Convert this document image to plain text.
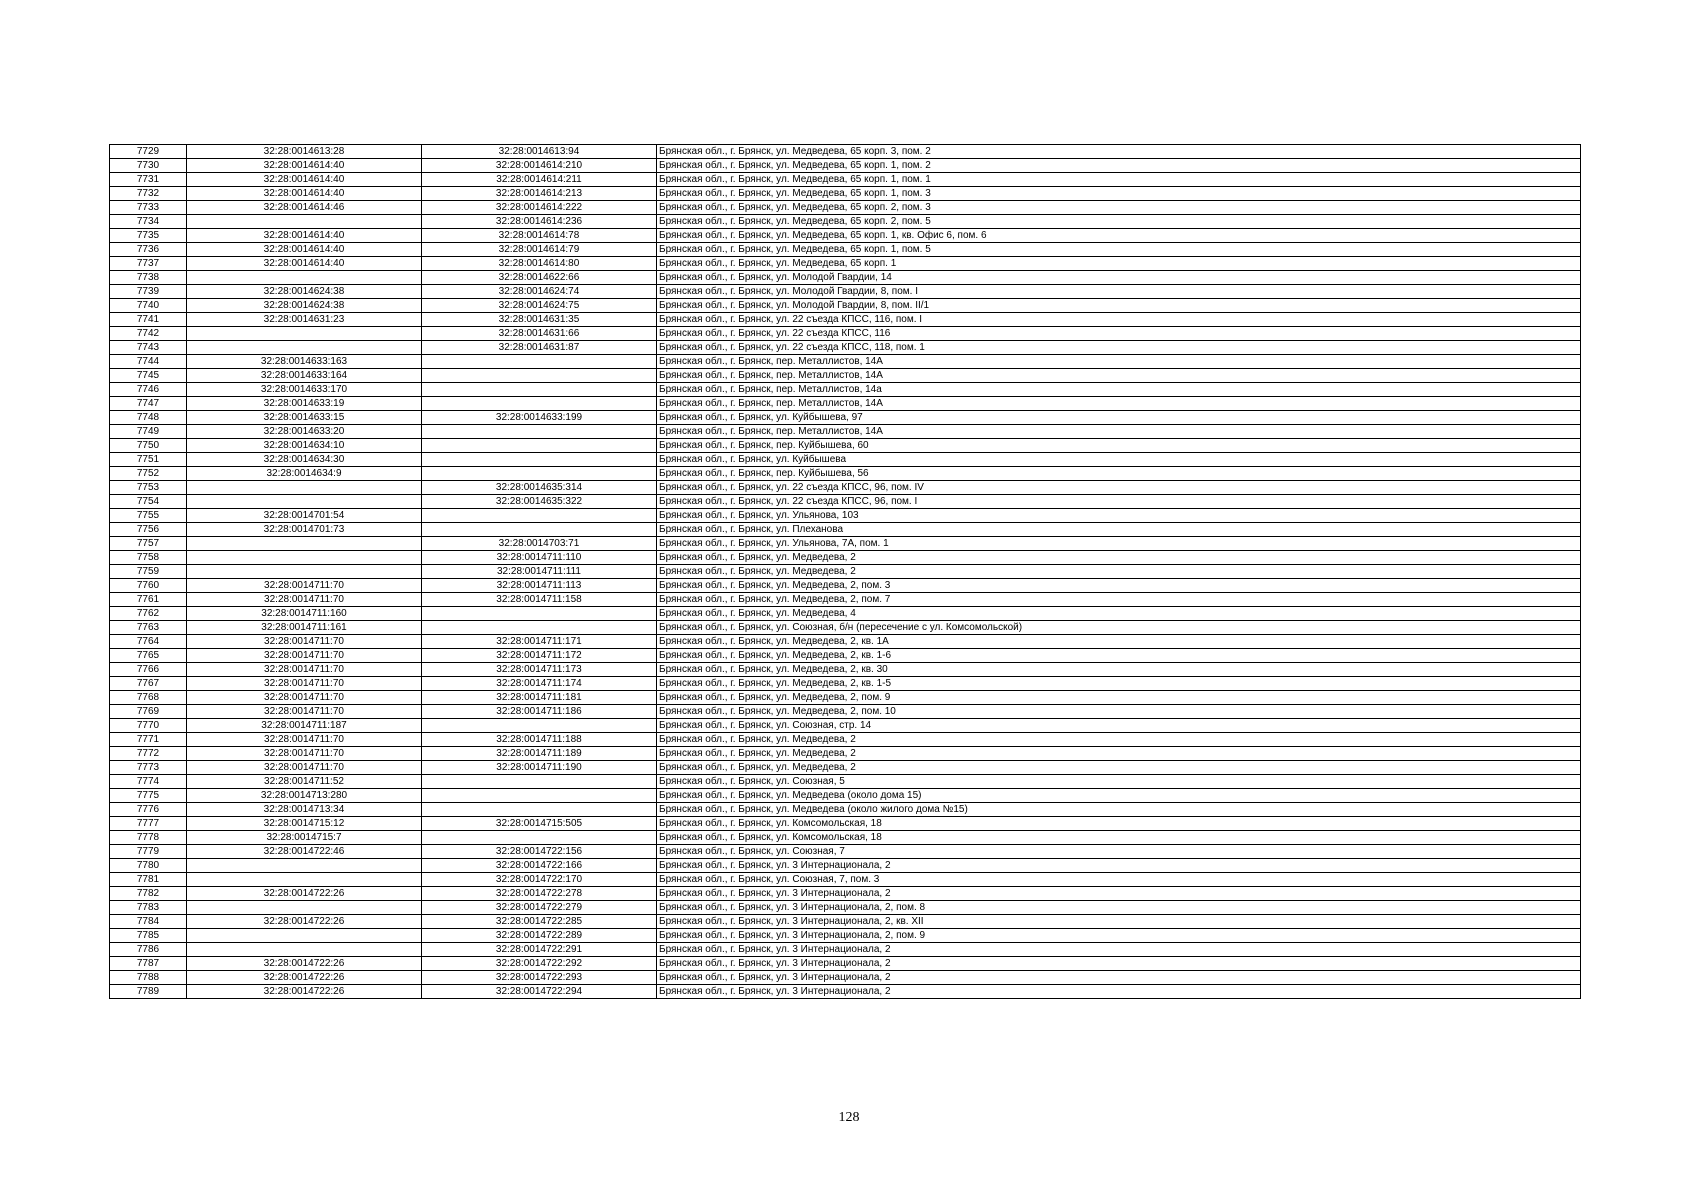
7729	32:28:0014613:28	32:28:0014613:94	Брянская обл., г. Брянск, ул. Медведева, 65 корп. 3, пом. 2
7730	32:28:0014614:40	32:28:0014614:210	Брянская обл., г. Брянск, ул. Медведева, 65 корп. 1, пом. 2
7731	32:28:0014614:40	32:28:0014614:211	Брянская обл., г. Брянск, ул. Медведева, 65 корп. 1, пом. 1
7732	32:28:0014614:40	32:28:0014614:213	Брянская обл., г. Брянск, ул. Медведева, 65 корп. 1, пом. 3
7733	32:28:0014614:46	32:28:0014614:222	Брянская обл., г. Брянск, ул. Медведева, 65 корп. 2, пом. 3
7734		32:28:0014614:236	Брянская обл., г. Брянск, ул. Медведева, 65 корп. 2, пом. 5
7735	32:28:0014614:40	32:28:0014614:78	Брянская обл., г. Брянск, ул. Медведева, 65 корп. 1, кв. Офис 6, пом. 6
7736	32:28:0014614:40	32:28:0014614:79	Брянская обл., г. Брянск, ул. Медведева, 65 корп. 1, пом. 5
7737	32:28:0014614:40	32:28:0014614:80	Брянская обл., г. Брянск, ул. Медведева, 65 корп. 1
7738		32:28:0014622:66	Брянская обл., г. Брянск, ул. Молодой Гвардии, 14
7739	32:28:0014624:38	32:28:0014624:74	Брянская обл., г. Брянск, ул. Молодой Гвардии, 8, пом. I
7740	32:28:0014624:38	32:28:0014624:75	Брянская обл., г. Брянск, ул. Молодой Гвардии, 8, пом. II/1
7741	32:28:0014631:23	32:28:0014631:35	Брянская обл., г. Брянск, ул. 22 съезда КПСС, 116, пом. I
7742		32:28:0014631:66	Брянская обл., г. Брянск, ул. 22 съезда КПСС, 116
7743		32:28:0014631:87	Брянская обл., г. Брянск, ул. 22 съезда КПСС, 118, пом. 1
7744	32:28:0014633:163		Брянская обл., г. Брянск, пер. Металлистов, 14А
7745	32:28:0014633:164		Брянская обл., г. Брянск, пер. Металлистов, 14А
7746	32:28:0014633:170		Брянская обл., г. Брянск, пер. Металлистов, 14а
7747	32:28:0014633:19		Брянская обл., г. Брянск, пер. Металлистов, 14А
7748	32:28:0014633:15	32:28:0014633:199	Брянская обл., г. Брянск, ул. Куйбышева, 97
7749	32:28:0014633:20		Брянская обл., г. Брянск, пер. Металлистов, 14А
7750	32:28:0014634:10		Брянская обл., г. Брянск, пер. Куйбышева, 60
7751	32:28:0014634:30		Брянская обл., г. Брянск, ул. Куйбышева
7752	32:28:0014634:9		Брянская обл., г. Брянск, пер. Куйбышева, 56
7753		32:28:0014635:314	Брянская обл., г. Брянск, ул. 22 съезда КПСС, 96, пом. IV
7754		32:28:0014635:322	Брянская обл., г. Брянск, ул. 22 съезда КПСС, 96, пом. I
7755	32:28:0014701:54		Брянская обл., г. Брянск, ул. Ульянова, 103
7756	32:28:0014701:73		Брянская обл., г. Брянск, ул. Плеханова
7757		32:28:0014703:71	Брянская обл., г. Брянск, ул. Ульянова, 7А, пом. 1
7758		32:28:0014711:110	Брянская обл., г. Брянск, ул. Медведева, 2
7759		32:28:0014711:111	Брянская обл., г. Брянск, ул. Медведева, 2
7760	32:28:0014711:70	32:28:0014711:113	Брянская обл., г. Брянск, ул. Медведева, 2, пом. 3
7761	32:28:0014711:70	32:28:0014711:158	Брянская обл., г. Брянск, ул. Медведева, 2, пом. 7
7762	32:28:0014711:160		Брянская обл., г. Брянск, ул. Медведева, 4
7763	32:28:0014711:161		Брянская обл., г. Брянск, ул. Союзная, б/н (пересечение с ул. Комсомольской)
7764	32:28:0014711:70	32:28:0014711:171	Брянская обл., г. Брянск, ул. Медведева, 2, кв. 1А
7765	32:28:0014711:70	32:28:0014711:172	Брянская обл., г. Брянск, ул. Медведева, 2, кв. 1-6
7766	32:28:0014711:70	32:28:0014711:173	Брянская обл., г. Брянск, ул. Медведева, 2, кв. 30
7767	32:28:0014711:70	32:28:0014711:174	Брянская обл., г. Брянск, ул. Медведева, 2, кв. 1-5
7768	32:28:0014711:70	32:28:0014711:181	Брянская обл., г. Брянск, ул. Медведева, 2, пом. 9
7769	32:28:0014711:70	32:28:0014711:186	Брянская обл., г. Брянск, ул. Медведева, 2, пом. 10
7770	32:28:0014711:187		Брянская обл., г. Брянск, ул. Союзная, стр. 14
7771	32:28:0014711:70	32:28:0014711:188	Брянская обл., г. Брянск, ул. Медведева, 2
7772	32:28:0014711:70	32:28:0014711:189	Брянская обл., г. Брянск, ул. Медведева, 2
7773	32:28:0014711:70	32:28:0014711:190	Брянская обл., г. Брянск, ул. Медведева, 2
7774	32:28:0014711:52		Брянская обл., г. Брянск, ул. Союзная, 5
7775	32:28:0014713:280		Брянская обл., г. Брянск, ул. Медведева (около дома 15)
7776	32:28:0014713:34		Брянская обл., г. Брянск, ул. Медведева (около жилого дома №15)
7777	32:28:0014715:12	32:28:0014715:505	Брянская обл., г. Брянск, ул. Комсомольская, 18
7778	32:28:0014715:7		Брянская обл., г. Брянск, ул. Комсомольская, 18
7779	32:28:0014722:46	32:28:0014722:156	Брянская обл., г. Брянск, ул. Союзная, 7
7780		32:28:0014722:166	Брянская обл., г. Брянск, ул. 3 Интернационала, 2
7781		32:28:0014722:170	Брянская обл., г. Брянск, ул. Союзная, 7, пом. 3
7782	32:28:0014722:26	32:28:0014722:278	Брянская обл., г. Брянск, ул. 3 Интернационала, 2
7783		32:28:0014722:279	Брянская обл., г. Брянск, ул. 3 Интернационала, 2, пом. 8
7784	32:28:0014722:26	32:28:0014722:285	Брянская обл., г. Брянск, ул. 3 Интернационала, 2, кв. XII
7785		32:28:0014722:289	Брянская обл., г. Брянск, ул. 3 Интернационала, 2, пом. 9
7786		32:28:0014722:291	Брянская обл., г. Брянск, ул. 3 Интернационала, 2
7787	32:28:0014722:26	32:28:0014722:292	Брянская обл., г. Брянск, ул. 3 Интернационала, 2
7788	32:28:0014722:26	32:28:0014722:293	Брянская обл., г. Брянск, ул. 3 Интернационала, 2
7789	32:28:0014722:26	32:28:0014722:294	Брянская обл., г. Брянск, ул. 3 Интернационала, 2
128
